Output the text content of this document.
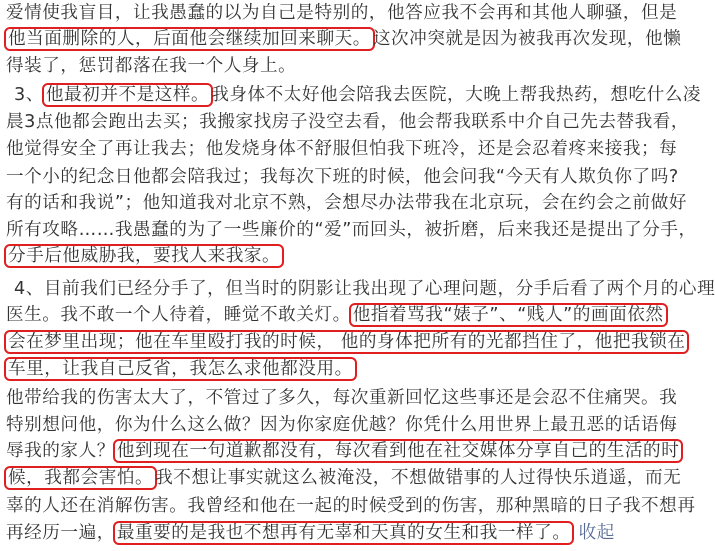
爱情使我盲目，让我愚蠢的以为自己是特别的，他答应我不会再和其他人聊骚，但是
他当面删除的人，后面他会继续加回来聊天。 这次冲突就是因为被我再次发现，他懒
得装了，惩罚都落在我一个人身上。
3、 他最初并不是这样。 我身体不太好他会陪我去医院，大晚上帮我热药，想吃什么凌
晨3点他都会跑出去买；我搬家找房子没空去看，他会帮我联系中介自己先去替我看，
他觉得安全了再让我去；他发烧身体不舒服但怕我下班冷，还是会忍着疼来接我；每
一个小的纪念日他都会陪我过；我每次下班的时候，他会问我“今天有人欺负你了吗?
有的话和我说”；他知道我对北京不熟，会想尽办法带我在北京玩，会在约会之前做好
所有攻略……我愚蠢的为了一些廉价的“爱”而回头，被折磨，后来我还是提出了分手，
分手后他威胁我，要找人来我家。
4、目前我们已经分手了，但当时的阴影让我出现了心理问题，分手后看了两个月的心理
医生。我不敢一个人待着，睡觉不敢关灯。 他指着骂我“婊子”、“贱人”的画面依然
会在梦里出现；他在车里殴打我的时候， 他的身体把所有的光都挡住了，他把我锁在
车里，让我自己反省，我怎么求他都没用。
他带给我的伤害太大了，不管过了多久，每次重新回忆这些事还是会忍不住痛哭。我
特别想问他，你为什么这么做？因为你家庭优越？你凭什么用世界上最丑恶的话语侮
辱我的家人？ 他到现在一句道歉都没有，每次看到他在社交媒体分享自己的生活的时
候，我都会害怕。 我不想让事实就这么被淹没，不想做错事的人过得快乐逍遥，而无
辜的人还在消解伤害。我曾经和他在一起的时候受到的伤害，那种黑暗的日子我不想再
再经历一遍， 最重要的是我也不想再有无辜和天真的女生和我一样了。 收起
